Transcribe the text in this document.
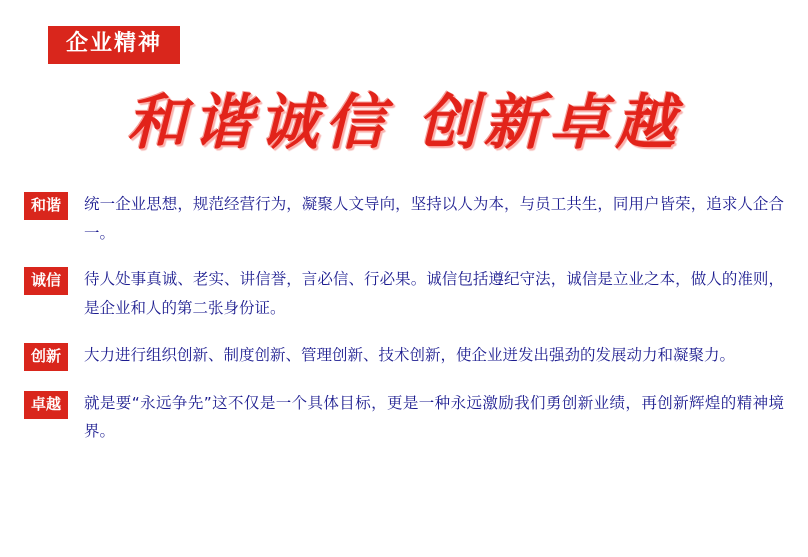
企业精神
和谐诚信 创新卓越
和谐	统一企业思想，规范经营行为，凝聚人文导向，坚持以人为本，与员工共生，同用户皆荣，追求人企合一。
诚信	待人处事真诚、老实、讲信誉，言必信、行必果。诚信包括遵纪守法，诚信是立业之本，做人的准则，是企业和人的第二张身份证。
创新	大力进行组织创新、制度创新、管理创新、技术创新，使企业迸发出强劲的发展动力和凝聚力。
卓越	就是要“永远争先”这不仅是一个具体目标，更是一种永远激励我们勇创新业绩，再创新辉煌的精神境界。
